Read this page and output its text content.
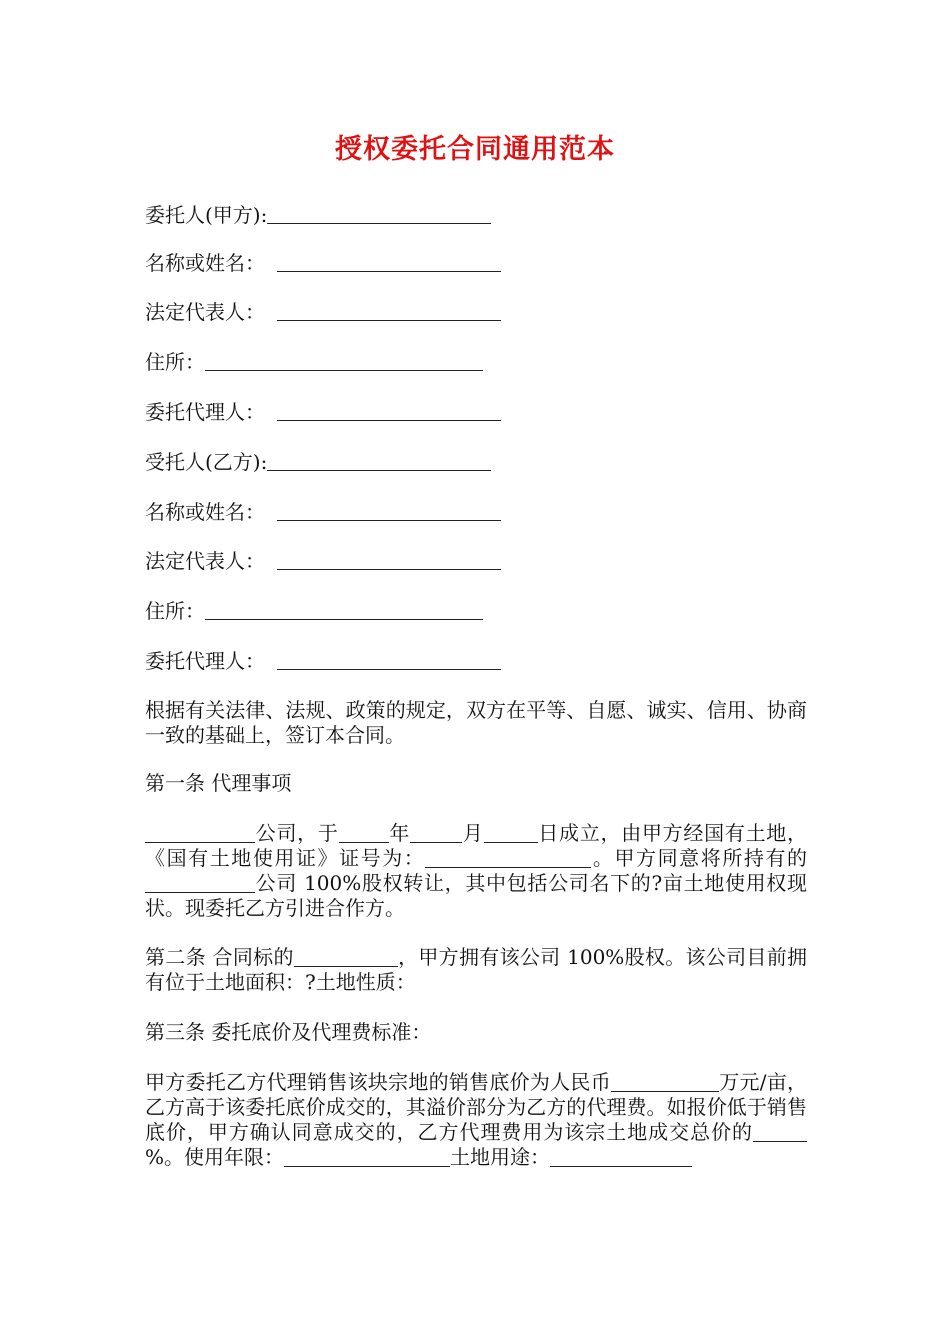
授权委托合同通用范本
委托人(甲方):
名称或姓名：
法定代表人：
住所：
委托代理人：
受托人(乙方):
名称或姓名：
法定代表人：
住所：
委托代理人：
根据有关法律、法规、政策的规定，双方在平等、自愿、诚实、信用、协商一致的基础上，签订本合同。
第一条 代理事项
公司，于	年	月	日成立，由甲方经国有土地，《国有土地使用证》证号为：	。甲方同意将所持有的公司 100%股权转让，其中包括公司名下的?亩土地使用权现状。现委托乙方引进合作方。
第二条 合同标的	，甲方拥有该公司 100%股权。该公司目前拥有位于土地面积：?土地性质：
第三条 委托底价及代理费标准：
甲方委托乙方代理销售该块宗地的销售底价为人民币	万元/亩，乙方高于该委托底价成交的，其溢价部分为乙方的代理费。如报价低于销售底价，甲方确认同意成交的，乙方代理费用为该宗土地成交总价的%。使用年限：	土地用途：
